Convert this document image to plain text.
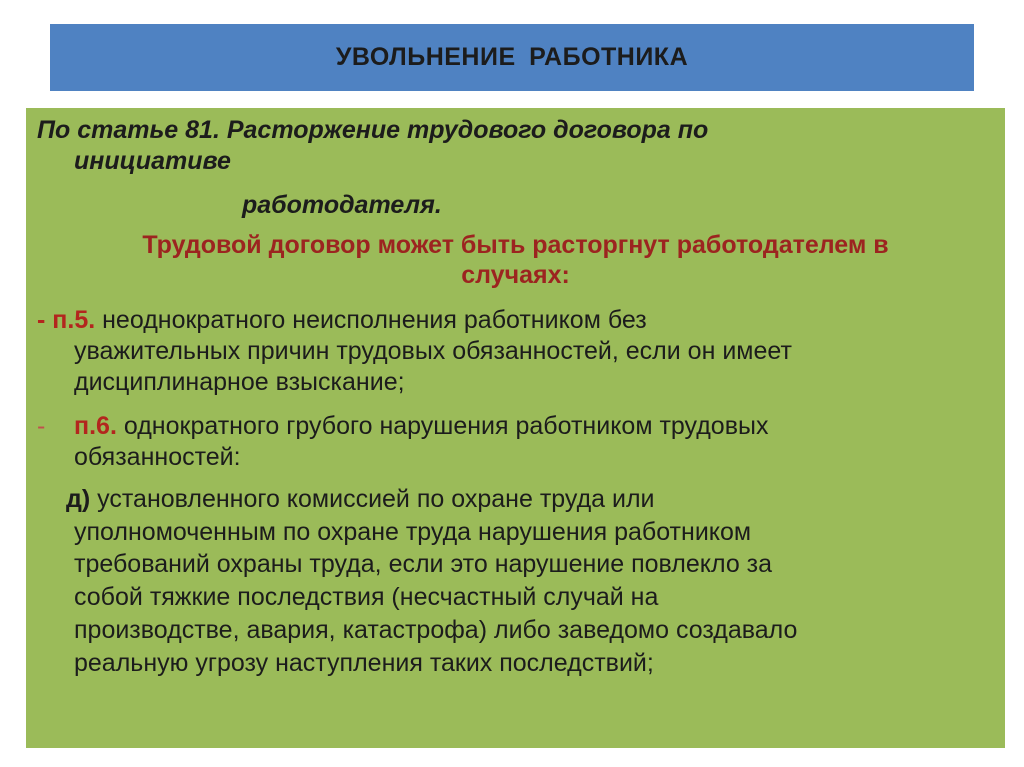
УВОЛЬНЕНИЕ РАБОТНИКА
По статье 81. Расторжение трудового договора по
инициативе
работодателя.
Трудовой договор может быть расторгнут работодателем в
случаях:
- п.5. неоднократного неисполнения работником без
уважительных причин трудовых обязанностей, если он имеет
дисциплинарное взыскание;
- п.6. однократного грубого нарушения работником трудовых
обязанностей:
д) установленного комиссией по охране труда или
уполномоченным по охране труда нарушения работником
требований охраны труда, если это нарушение повлекло за
собой тяжкие последствия (несчастный случай на
производстве, авария, катастрофа) либо заведомо создавало
реальную угрозу наступления таких последствий;
